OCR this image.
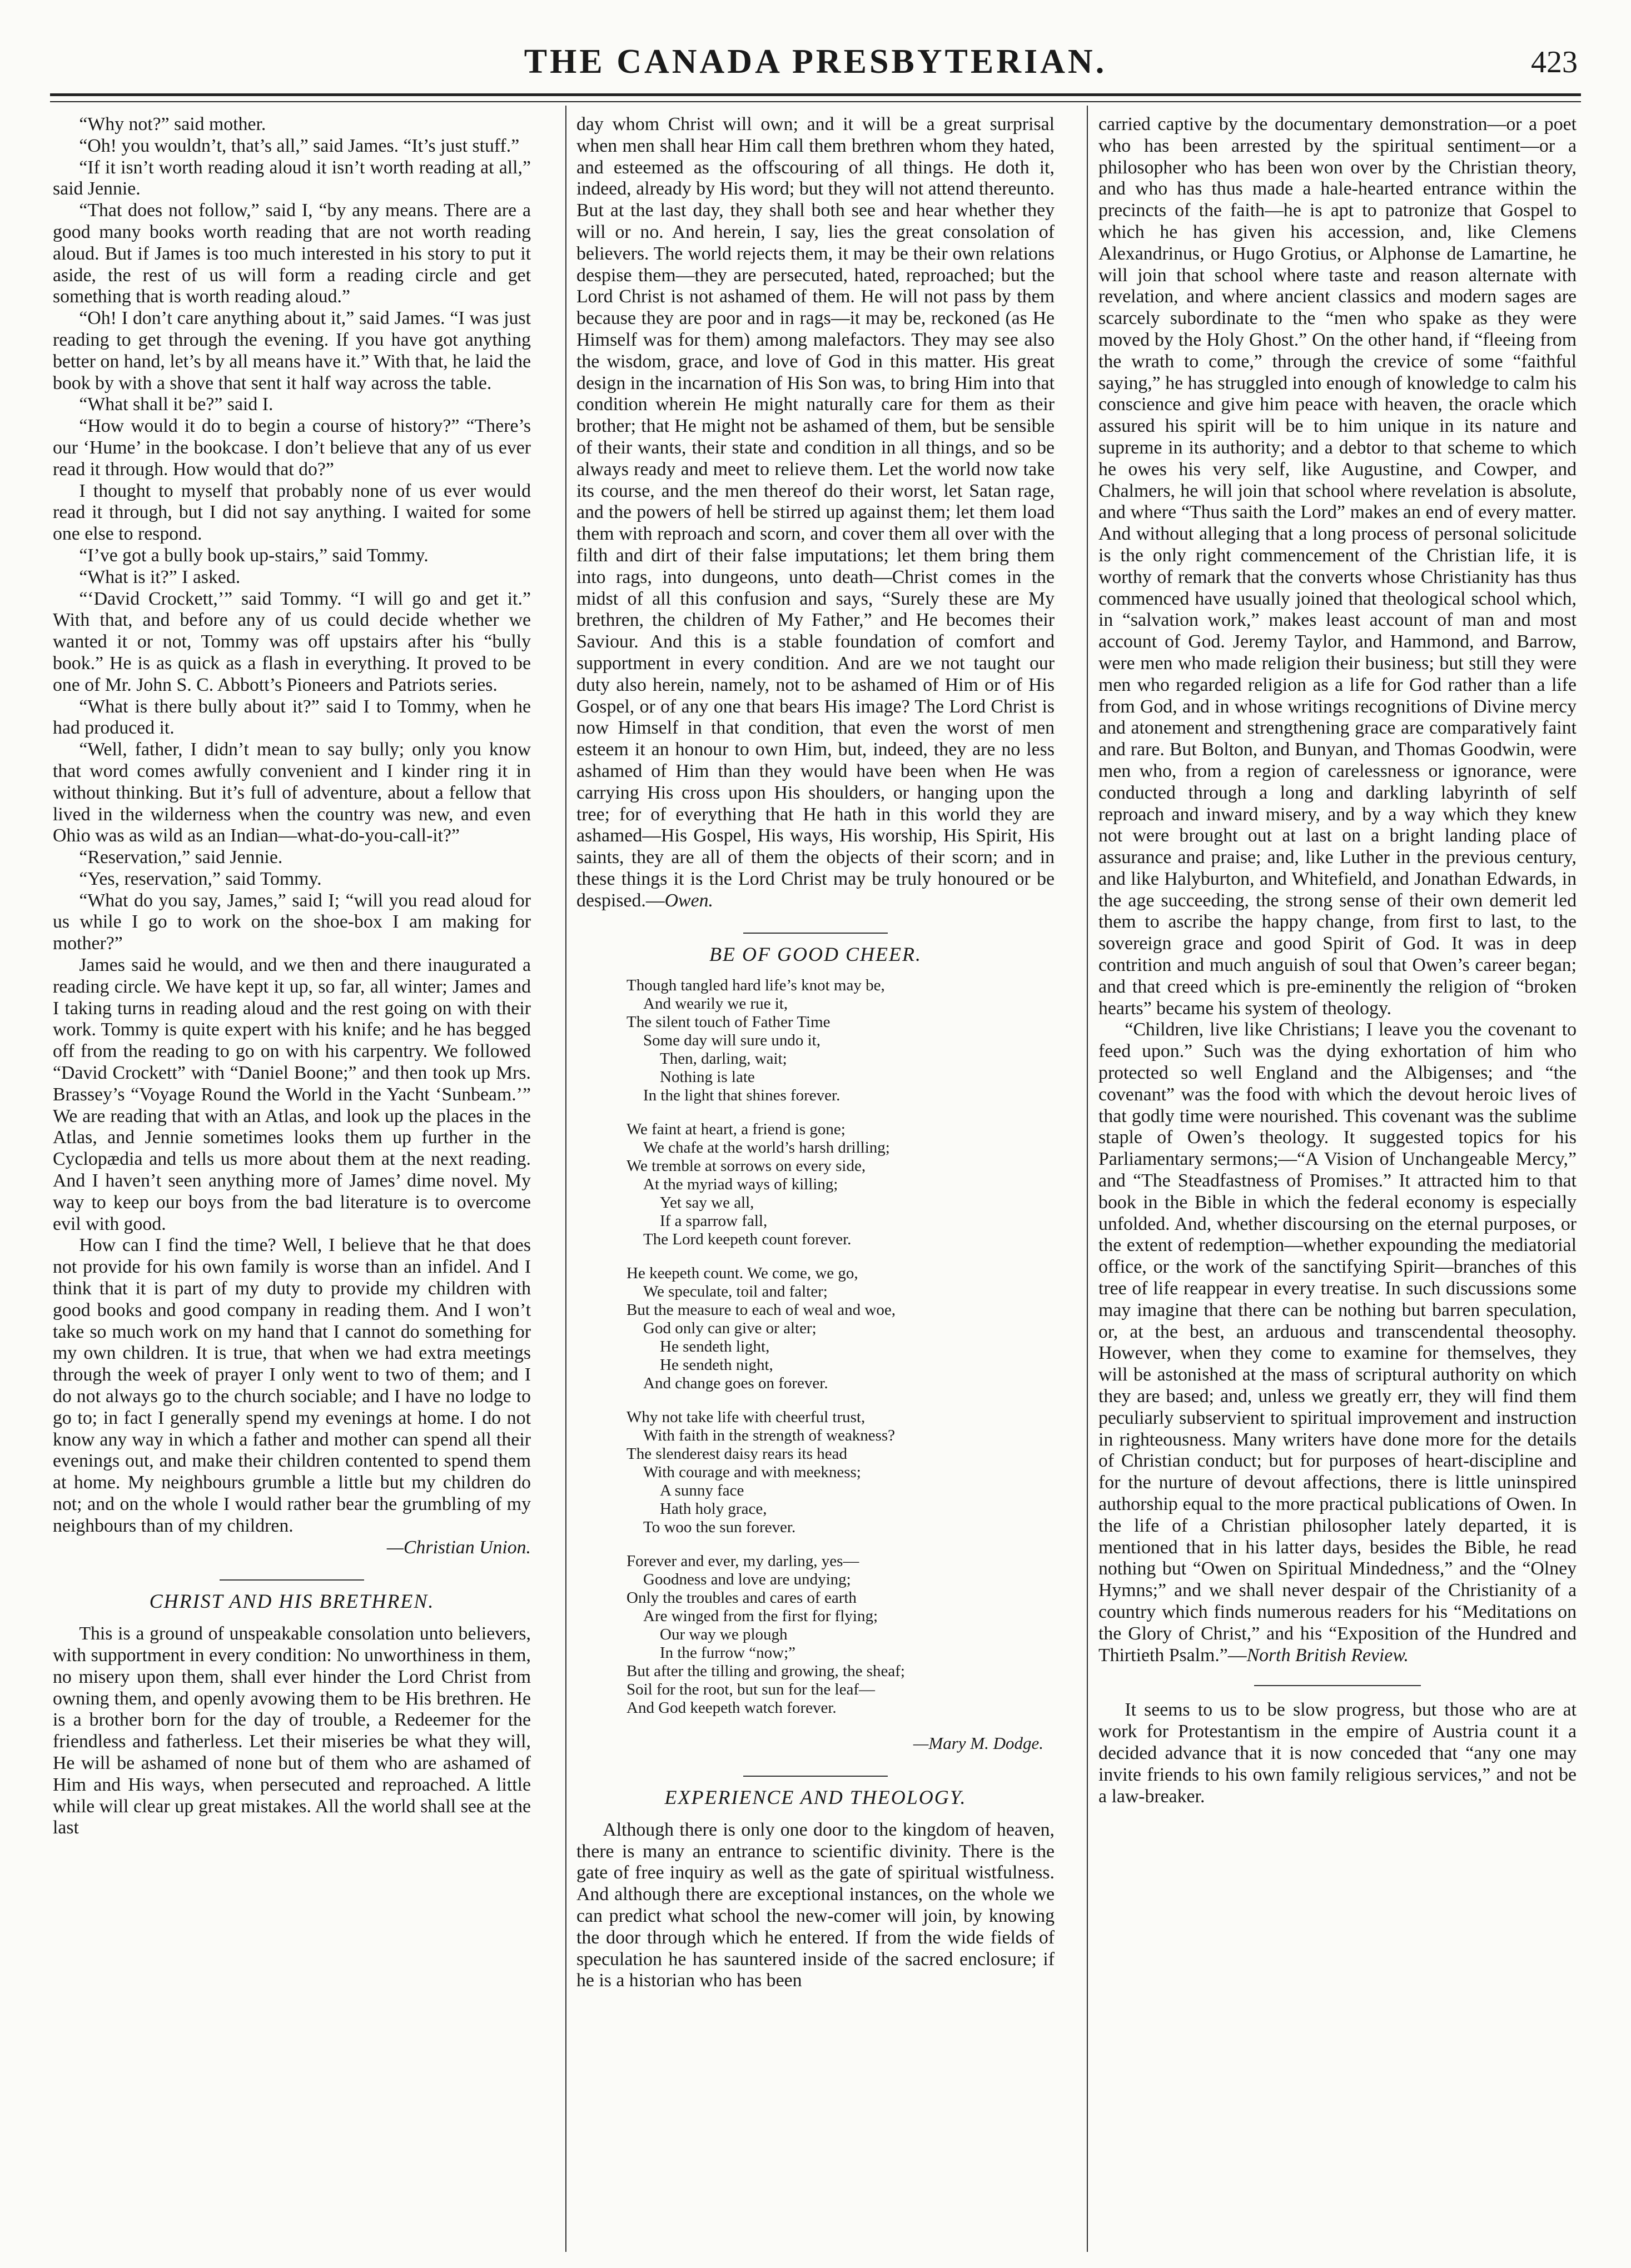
THE CANADA PRESBYTERIAN.	423

“Why not?” said mother.

“Oh! you wouldn’t, that’s all,” said James. “It’s just stuff.”

“If it isn’t worth reading aloud it isn’t worth reading at all,” said Jennie.

“That does not follow,” said I, “by any means. There are a good many books worth reading that are not worth reading aloud. But if James is too much interested in his story to put it aside, the rest of us will form a reading circle and get something that is worth reading aloud.”

“Oh! I don’t care anything about it,” said James. “I was just reading to get through the evening. If you have got anything better on hand, let’s by all means have it.” With that, he laid the book by with a shove that sent it half way across the table.

“What shall it be?” said I.

“How would it do to begin a course of history?” “There’s our ‘Hume’ in the bookcase. I don’t believe that any of us ever read it through. How would that do?”

I thought to myself that probably none of us ever would read it through, but I did not say anything. I waited for some one else to respond.

“I’ve got a bully book up-stairs,” said Tommy.

“What is it?” I asked.

“‘David Crockett,’” said Tommy. “I will go and get it.” With that, and before any of us could decide whether we wanted it or not, Tommy was off upstairs after his “bully book.” He is as quick as a flash in everything. It proved to be one of Mr. John S. C. Abbott’s Pioneers and Patriots series.

“What is there bully about it?” said I to Tommy, when he had produced it.

“Well, father, I didn’t mean to say bully; only you know that word comes awfully convenient and I kinder ring it in without thinking. But it’s full of adventure, about a fellow that lived in the wilderness when the country was new, and even Ohio was as wild as an Indian—what-do-you-call-it?”

“Reservation,” said Jennie.

“Yes, reservation,” said Tommy.

“What do you say, James,” said I; “will you read aloud for us while I go to work on the shoe-box I am making for mother?”

James said he would, and we then and there inaugurated a reading circle. We have kept it up, so far, all winter; James and I taking turns in reading aloud and the rest going on with their work. Tommy is quite expert with his knife; and he has begged off from the reading to go on with his carpentry. We followed “David Crockett” with “Daniel Boone;” and then took up Mrs. Brassey’s “Voyage Round the World in the Yacht ‘Sunbeam.’” We are reading that with an Atlas, and look up the places in the Atlas, and Jennie sometimes looks them up further in the Cyclopædia and tells us more about them at the next reading. And I haven’t seen anything more of James’ dime novel. My way to keep our boys from the bad literature is to overcome evil with good.

How can I find the time? Well, I believe that he that does not provide for his own family is worse than an infidel. And I think that it is part of my duty to provide my children with good books and good company in reading them. And I won’t take so much work on my hand that I cannot do something for my own children. It is true, that when we had extra meetings through the week of prayer I only went to two of them; and I do not always go to the church sociable; and I have no lodge to go to; in fact I generally spend my evenings at home. I do not know any way in which a father and mother can spend all their evenings out, and make their children contented to spend them at home. My neighbours grumble a little but my children do not; and on the whole I would rather bear the grumbling of my neighbours than of my children.

—Christian Union.
CHRIST AND HIS BRETHREN.

This is a ground of unspeakable consolation unto believers, with supportment in every condition: No unworthiness in them, no misery upon them, shall ever hinder the Lord Christ from owning them, and openly avowing them to be His brethren. He is a brother born for the day of trouble, a Redeemer for the friendless and fatherless. Let their miseries be what they will, He will be ashamed of none but of them who are ashamed of Him and His ways, when persecuted and reproached. A little while will clear up great mistakes. All the world shall see at the last

day whom Christ will own; and it will be a great surprisal when men shall hear Him call them brethren whom they hated, and esteemed as the offscouring of all things. He doth it, indeed, already by His word; but they will not attend thereunto. But at the last day, they shall both see and hear whether they will or no. And herein, I say, lies the great consolation of believers. The world rejects them, it may be their own relations despise them—they are persecuted, hated, reproached; but the Lord Christ is not ashamed of them. He will not pass by them because they are poor and in rags—it may be, reckoned (as He Himself was for them) among malefactors. They may see also the wisdom, grace, and love of God in this matter. His great design in the incarnation of His Son was, to bring Him into that condition wherein He might naturally care for them as their brother; that He might not be ashamed of them, but be sensible of their wants, their state and condition in all things, and so be always ready and meet to relieve them. Let the world now take its course, and the men thereof do their worst, let Satan rage, and the powers of hell be stirred up against them; let them load them with reproach and scorn, and cover them all over with the filth and dirt of their false imputations; let them bring them into rags, into dungeons, unto death—Christ comes in the midst of all this confusion and says, “Surely these are My brethren, the children of My Father,” and He becomes their Saviour. And this is a stable foundation of comfort and supportment in every condition. And are we not taught our duty also herein, namely, not to be ashamed of Him or of His Gospel, or of any one that bears His image? The Lord Christ is now Himself in that condition, that even the worst of men esteem it an honour to own Him, but, indeed, they are no less ashamed of Him than they would have been when He was carrying His cross upon His shoulders, or hanging upon the tree; for of everything that He hath in this world they are ashamed—His Gospel, His ways, His worship, His Spirit, His saints, they are all of them the objects of their scorn; and in these things it is the Lord Christ may be truly honoured or be despised.—Owen.

BE OF GOOD CHEER.
Though tangled hard life’s knot may be,
And wearily we rue it,
The silent touch of Father Time
Some day will sure undo it,
Then, darling, wait;
Nothing is late
In the light that shines forever.
We faint at heart, a friend is gone;
We chafe at the world’s harsh drilling;
We tremble at sorrows on every side,
At the myriad ways of killing;
Yet say we all,
If a sparrow fall,
The Lord keepeth count forever.
He keepeth count. We come, we go,
We speculate, toil and falter;
But the measure to each of weal and woe,
God only can give or alter;
He sendeth light,
He sendeth night,
And change goes on forever.
Why not take life with cheerful trust,
With faith in the strength of weakness?
The slenderest daisy rears its head
With courage and with meekness;
A sunny face
Hath holy grace,
To woo the sun forever.
Forever and ever, my darling, yes—
Goodness and love are undying;
Only the troubles and cares of earth
Are winged from the first for flying;
Our way we plough
In the furrow “now;”
But after the tilling and growing, the sheaf;
Soil for the root, but sun for the leaf—
And God keepeth watch forever.
—Mary M. Dodge.
EXPERIENCE AND THEOLOGY.

Although there is only one door to the kingdom of heaven, there is many an entrance to scientific divinity. There is the gate of free inquiry as well as the gate of spiritual wistfulness. And although there are exceptional instances, on the whole we can predict what school the new-comer will join, by knowing the door through which he entered. If from the wide fields of speculation he has sauntered inside of the sacred enclosure; if he is a historian who has been

carried captive by the documentary demonstration—or a poet who has been arrested by the spiritual sentiment—or a philosopher who has been won over by the Christian theory, and who has thus made a hale-hearted entrance within the precincts of the faith—he is apt to patronize that Gospel to which he has given his accession, and, like Clemens Alexandrinus, or Hugo Grotius, or Alphonse de Lamartine, he will join that school where taste and reason alternate with revelation, and where ancient classics and modern sages are scarcely subordinate to the “men who spake as they were moved by the Holy Ghost.” On the other hand, if “fleeing from the wrath to come,” through the crevice of some “faithful saying,” he has struggled into enough of knowledge to calm his conscience and give him peace with heaven, the oracle which assured his spirit will be to him unique in its nature and supreme in its authority; and a debtor to that scheme to which he owes his very self, like Augustine, and Cowper, and Chalmers, he will join that school where revelation is absolute, and where “Thus saith the Lord” makes an end of every matter. And without alleging that a long process of personal solicitude is the only right commencement of the Christian life, it is worthy of remark that the converts whose Christianity has thus commenced have usually joined that theological school which, in “salvation work,” makes least account of man and most account of God. Jeremy Taylor, and Hammond, and Barrow, were men who made religion their business; but still they were men who regarded religion as a life for God rather than a life from God, and in whose writings recognitions of Divine mercy and atonement and strengthening grace are comparatively faint and rare. But Bolton, and Bunyan, and Thomas Goodwin, were men who, from a region of carelessness or ignorance, were conducted through a long and darkling labyrinth of self reproach and inward misery, and by a way which they knew not were brought out at last on a bright landing place of assurance and praise; and, like Luther in the previous century, and like Halyburton, and Whitefield, and Jonathan Edwards, in the age succeeding, the strong sense of their own demerit led them to ascribe the happy change, from first to last, to the sovereign grace and good Spirit of God. It was in deep contrition and much anguish of soul that Owen’s career began; and that creed which is pre-eminently the religion of “broken hearts” became his system of theology.

“Children, live like Christians; I leave you the covenant to feed upon.” Such was the dying exhortation of him who protected so well England and the Albigenses; and “the covenant” was the food with which the devout heroic lives of that godly time were nourished. This covenant was the sublime staple of Owen’s theology. It suggested topics for his Parliamentary sermons;—“A Vision of Unchangeable Mercy,” and “The Steadfastness of Promises.” It attracted him to that book in the Bible in which the federal economy is especially unfolded. And, whether discoursing on the eternal purposes, or the extent of redemption—whether expounding the mediatorial office, or the work of the sanctifying Spirit—branches of this tree of life reappear in every treatise. In such discussions some may imagine that there can be nothing but barren speculation, or, at the best, an arduous and transcendental theosophy. However, when they come to examine for themselves, they will be astonished at the mass of scriptural authority on which they are based; and, unless we greatly err, they will find them peculiarly subservient to spiritual improvement and instruction in righteousness. Many writers have done more for the details of Christian conduct; but for purposes of heart-discipline and for the nurture of devout affections, there is little uninspired authorship equal to the more practical publications of Owen. In the life of a Christian philosopher lately departed, it is mentioned that in his latter days, besides the Bible, he read nothing but “Owen on Spiritual Mindedness,” and the “Olney Hymns;” and we shall never despair of the Christianity of a country which finds numerous readers for his “Meditations on the Glory of Christ,” and his “Exposition of the Hundred and Thirtieth Psalm.”—North British Review.

It seems to us to be slow progress, but those who are at work for Protestantism in the empire of Austria count it a decided advance that it is now conceded that “any one may invite friends to his own family religious services,” and not be a law-breaker.
